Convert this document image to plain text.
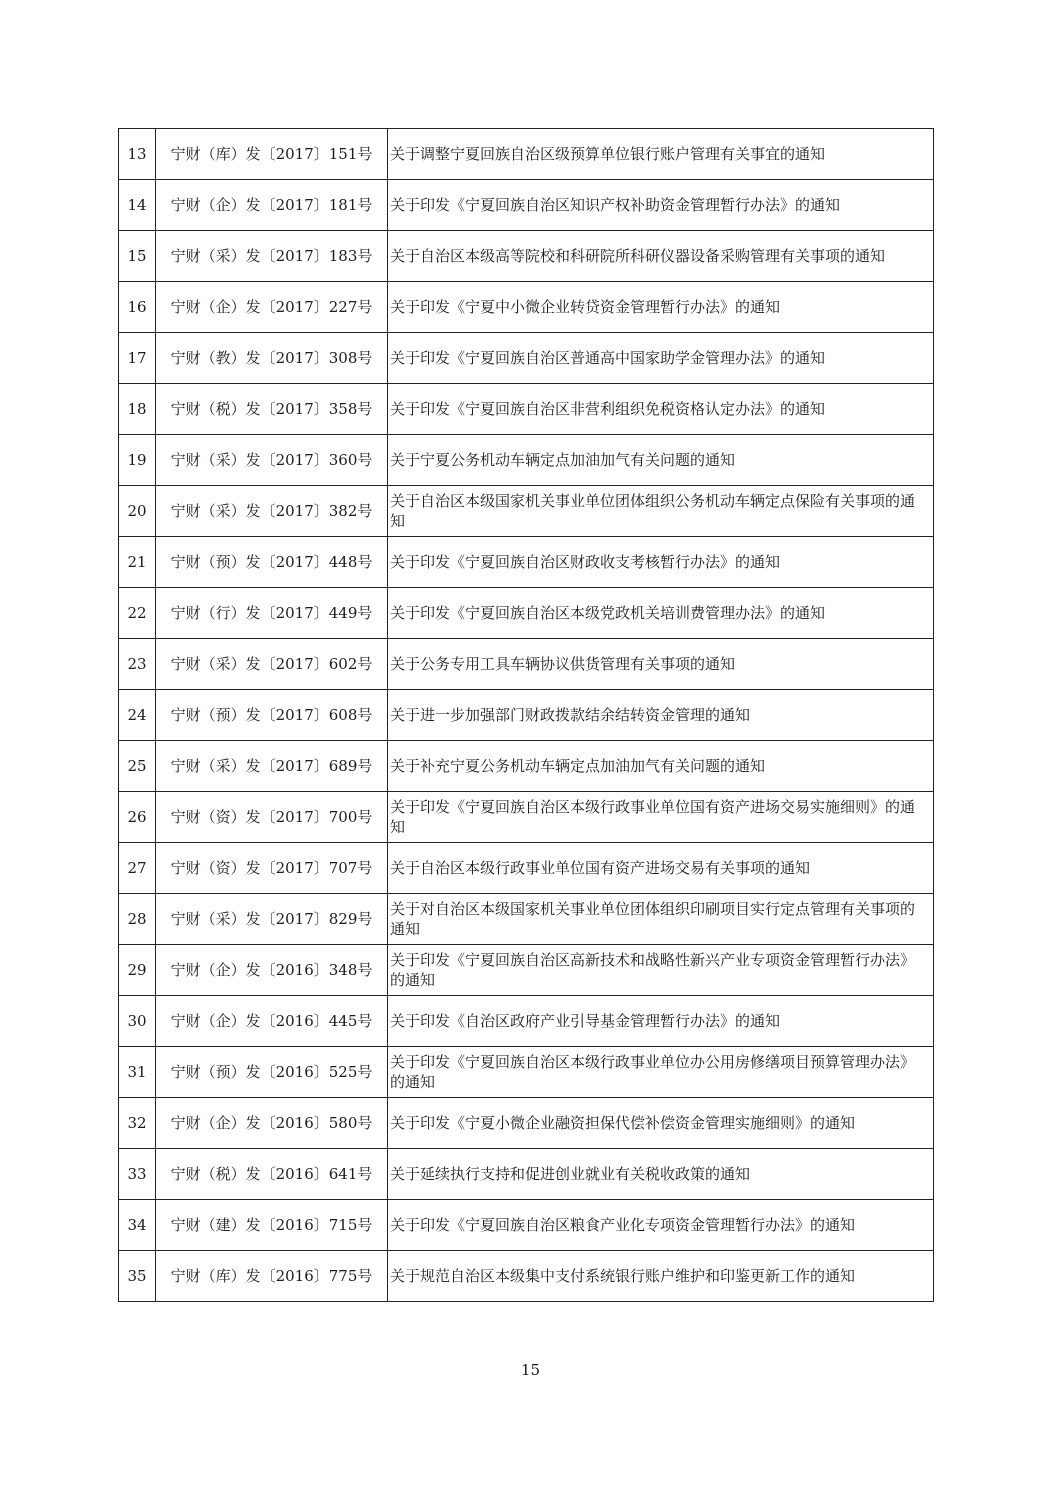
13	宁财（库）发〔2017〕151号	关于调整宁夏回族自治区级预算单位银行账户管理有关事宜的通知
14	宁财（企）发〔2017〕181号	关于印发《宁夏回族自治区知识产权补助资金管理暂行办法》的通知
15	宁财（采）发〔2017〕183号	关于自治区本级高等院校和科研院所科研仪器设备采购管理有关事项的通知
16	宁财（企）发〔2017〕227号	关于印发《宁夏中小微企业转贷资金管理暂行办法》的通知
17	宁财（教）发〔2017〕308号	关于印发《宁夏回族自治区普通高中国家助学金管理办法》的通知
18	宁财（税）发〔2017〕358号	关于印发《宁夏回族自治区非营利组织免税资格认定办法》的通知
19	宁财（采）发〔2017〕360号	关于宁夏公务机动车辆定点加油加气有关问题的通知
20	宁财（采）发〔2017〕382号	关于自治区本级国家机关事业单位团体组织公务机动车辆定点保险有关事项的通知
21	宁财（预）发〔2017〕448号	关于印发《宁夏回族自治区财政收支考核暂行办法》的通知
22	宁财（行）发〔2017〕449号	关于印发《宁夏回族自治区本级党政机关培训费管理办法》的通知
23	宁财（采）发〔2017〕602号	关于公务专用工具车辆协议供货管理有关事项的通知
24	宁财（预）发〔2017〕608号	关于进一步加强部门财政拨款结余结转资金管理的通知
25	宁财（采）发〔2017〕689号	关于补充宁夏公务机动车辆定点加油加气有关问题的通知
26	宁财（资）发〔2017〕700号	关于印发《宁夏回族自治区本级行政事业单位国有资产进场交易实施细则》的通知
27	宁财（资）发〔2017〕707号	关于自治区本级行政事业单位国有资产进场交易有关事项的通知
28	宁财（采）发〔2017〕829号	关于对自治区本级国家机关事业单位团体组织印刷项目实行定点管理有关事项的通知
29	宁财（企）发〔2016〕348号	关于印发《宁夏回族自治区高新技术和战略性新兴产业专项资金管理暂行办法》的通知
30	宁财（企）发〔2016〕445号	关于印发《自治区政府产业引导基金管理暂行办法》的通知
31	宁财（预）发〔2016〕525号	关于印发《宁夏回族自治区本级行政事业单位办公用房修缮项目预算管理办法》的通知
32	宁财（企）发〔2016〕580号	关于印发《宁夏小微企业融资担保代偿补偿资金管理实施细则》的通知
33	宁财（税）发〔2016〕641号	关于延续执行支持和促进创业就业有关税收政策的通知
34	宁财（建）发〔2016〕715号	关于印发《宁夏回族自治区粮食产业化专项资金管理暂行办法》的通知
35	宁财（库）发〔2016〕775号	关于规范自治区本级集中支付系统银行账户维护和印鉴更新工作的通知
15
